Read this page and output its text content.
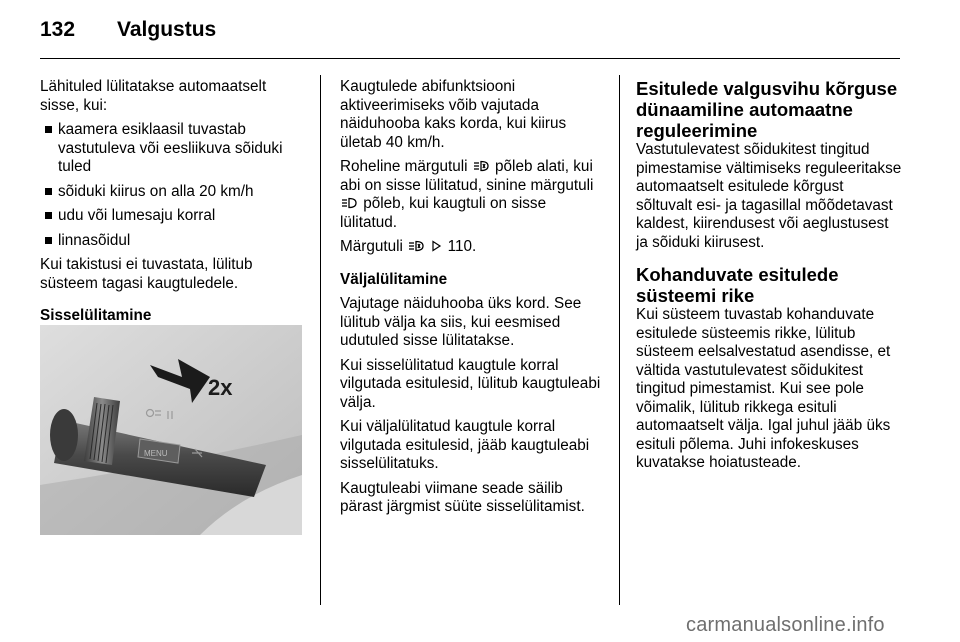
132 Valgustus

Lähituled lülitatakse automaatselt sisse, kui:

kaamera esiklaasil tuvastab vastutuleva või eesliikuva sõiduki tuled
sõiduki kiirus on alla 20 km/h
udu või lumesaju korral
linnasõidul

Kui takistusi ei tuvastata, lülitub süsteem tagasi kaugtuledele.

Sisselülitamine

MENU
2x

Kaugtulede abifunktsiooni aktiveerimiseks võib vajutada näiduhooba kaks korda, kui kiirus ületab 40 km/h.

Roheline märgutuli põleb alati, kui abi on sisse lülitatud, sinine märgutuli  põleb, kui kaugtuli on sisse lülitatud.

Märgutuli	110.

Väljalülitamine

Vajutage näiduhooba üks kord. See lülitub välja ka siis, kui eesmised udutuled sisse lülitatakse.

Kui sisselülitatud kaugtule korral vilgutada esitulesid, lülitub kaugtuleabi välja.

Kui väljalülitatud kaugtule korral vilgutada esitulesid, jääb kaugtuleabi sisselülitatuks.

Kaugtuleabi viimane seade säilib pärast järgmist süüte sisselülitamist.

Esitulede valgusvihu kõrguse dünaamiline automaatne reguleerimine

Vastutulevatest sõidukitest tingitud pimestamise vältimiseks reguleeritakse automaatselt esitulede kõrgust sõltuvalt esi- ja tagasillal mõõdetavast kaldest, kiirendusest või aeglustusest ja sõiduki kiirusest.

Kohanduvate esitulede süsteemi rike

Kui süsteem tuvastab kohanduvate esitulede süsteemis rikke, lülitub süsteem eelsalvestatud asendisse, et vältida vastutulevatest sõidukitest tingitud pimestamist. Kui see pole võimalik, lülitub rikkega esituli automaatselt välja. Igal juhul jääb üks esituli põlema. Juhi infokeskuses kuvatakse hoiatusteade.

carmanualsonline.info
